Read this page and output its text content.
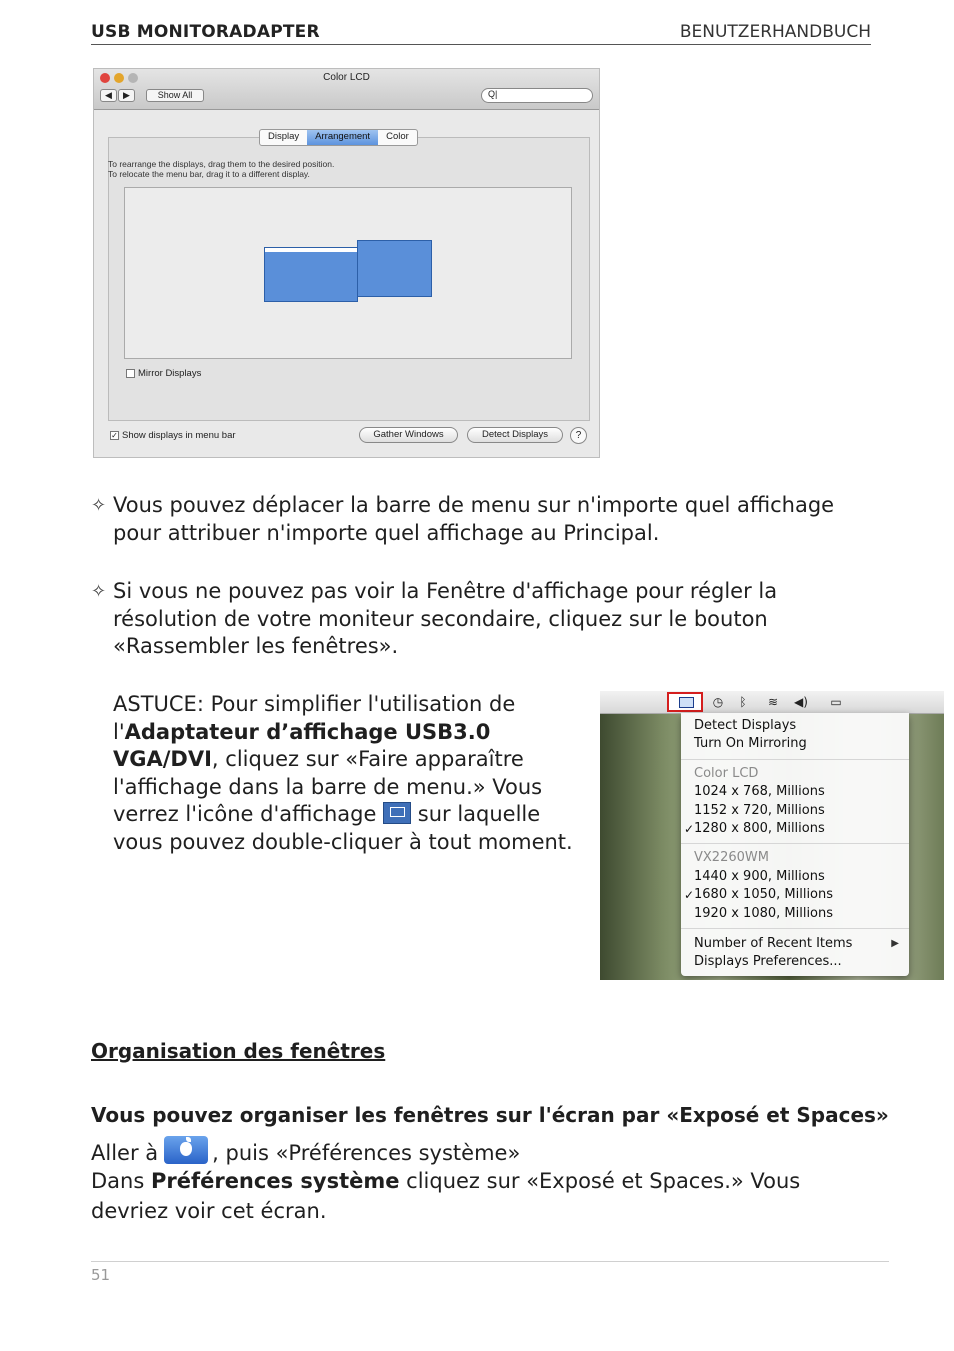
USB MONITORADAPTER	BENUTZERHANDBUCH
Color LCD
◀	▶	Show All	Q|
Display	Arrangement	Color
To rearrange the displays, drag them to the desired position.
To relocate the menu bar, drag it to a different display.
Mirror Displays
✓ Show displays in menu bar	Gather Windows	Detect Displays	?
✧ Vous pouvez déplacer la barre de menu sur n'importe quel affichage pour attribuer n'importe quel affichage au Principal.
✧ Si vous ne pouvez pas voir la Fenêtre d'affichage pour régler la résolution de votre moniteur secondaire, cliquez sur le bouton «Rassembler les fenêtres».
ASTUCE: Pour simplifier l'utilisation de l'Adaptateur d’affichage USB3.0 VGA/DVI, cliquez sur «Faire apparaître l'affichage dans la barre de menu.» Vous verrez l'icône d'affichage  sur laquelle vous pouvez double-cliquer à tout moment.
◷ ᛒ	≋	◀)	▭
Detect Displays
Turn On Mirroring
Color LCD
1024 x 768, Millions
1152 x 720, Millions
✓ 1280 x 800, Millions
VX2260WM
1440 x 900, Millions
✓ 1680 x 1050, Millions
1920 x 1080, Millions
Number of Recent Items	▶
Displays Preferences...
Organisation des fenêtres
Vous pouvez organiser les fenêtres sur l'écran par «Exposé et Spaces»
Aller à	, puis «Préférences système»
Dans Préférences système cliquez sur «Exposé et Spaces.» Vous devriez voir cet écran.
51
